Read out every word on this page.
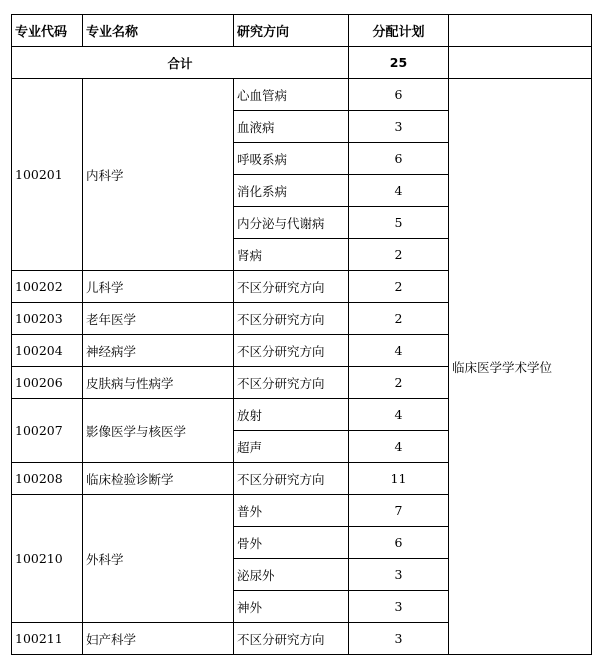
专业代码	专业名称	研究方向	分配计划	
合计			25	
100201	内科学	心血管病	6	临床医学学术学位
		血液病	3	
		呼吸系病	6	
		消化系病	4	
		内分泌与代谢病	5	
		肾病	2	
100202	儿科学	不区分研究方向	2	
100203	老年医学	不区分研究方向	2	
100204	神经病学	不区分研究方向	4	
100206	皮肤病与性病学	不区分研究方向	2	
100207	影像医学与核医学	放射	4	
		超声	4	
100208	临床检验诊断学	不区分研究方向	11	
100210	外科学	普外	7	
		骨外	6	
		泌尿外	3	
		神外	3	
100211	妇产科学	不区分研究方向	3	
